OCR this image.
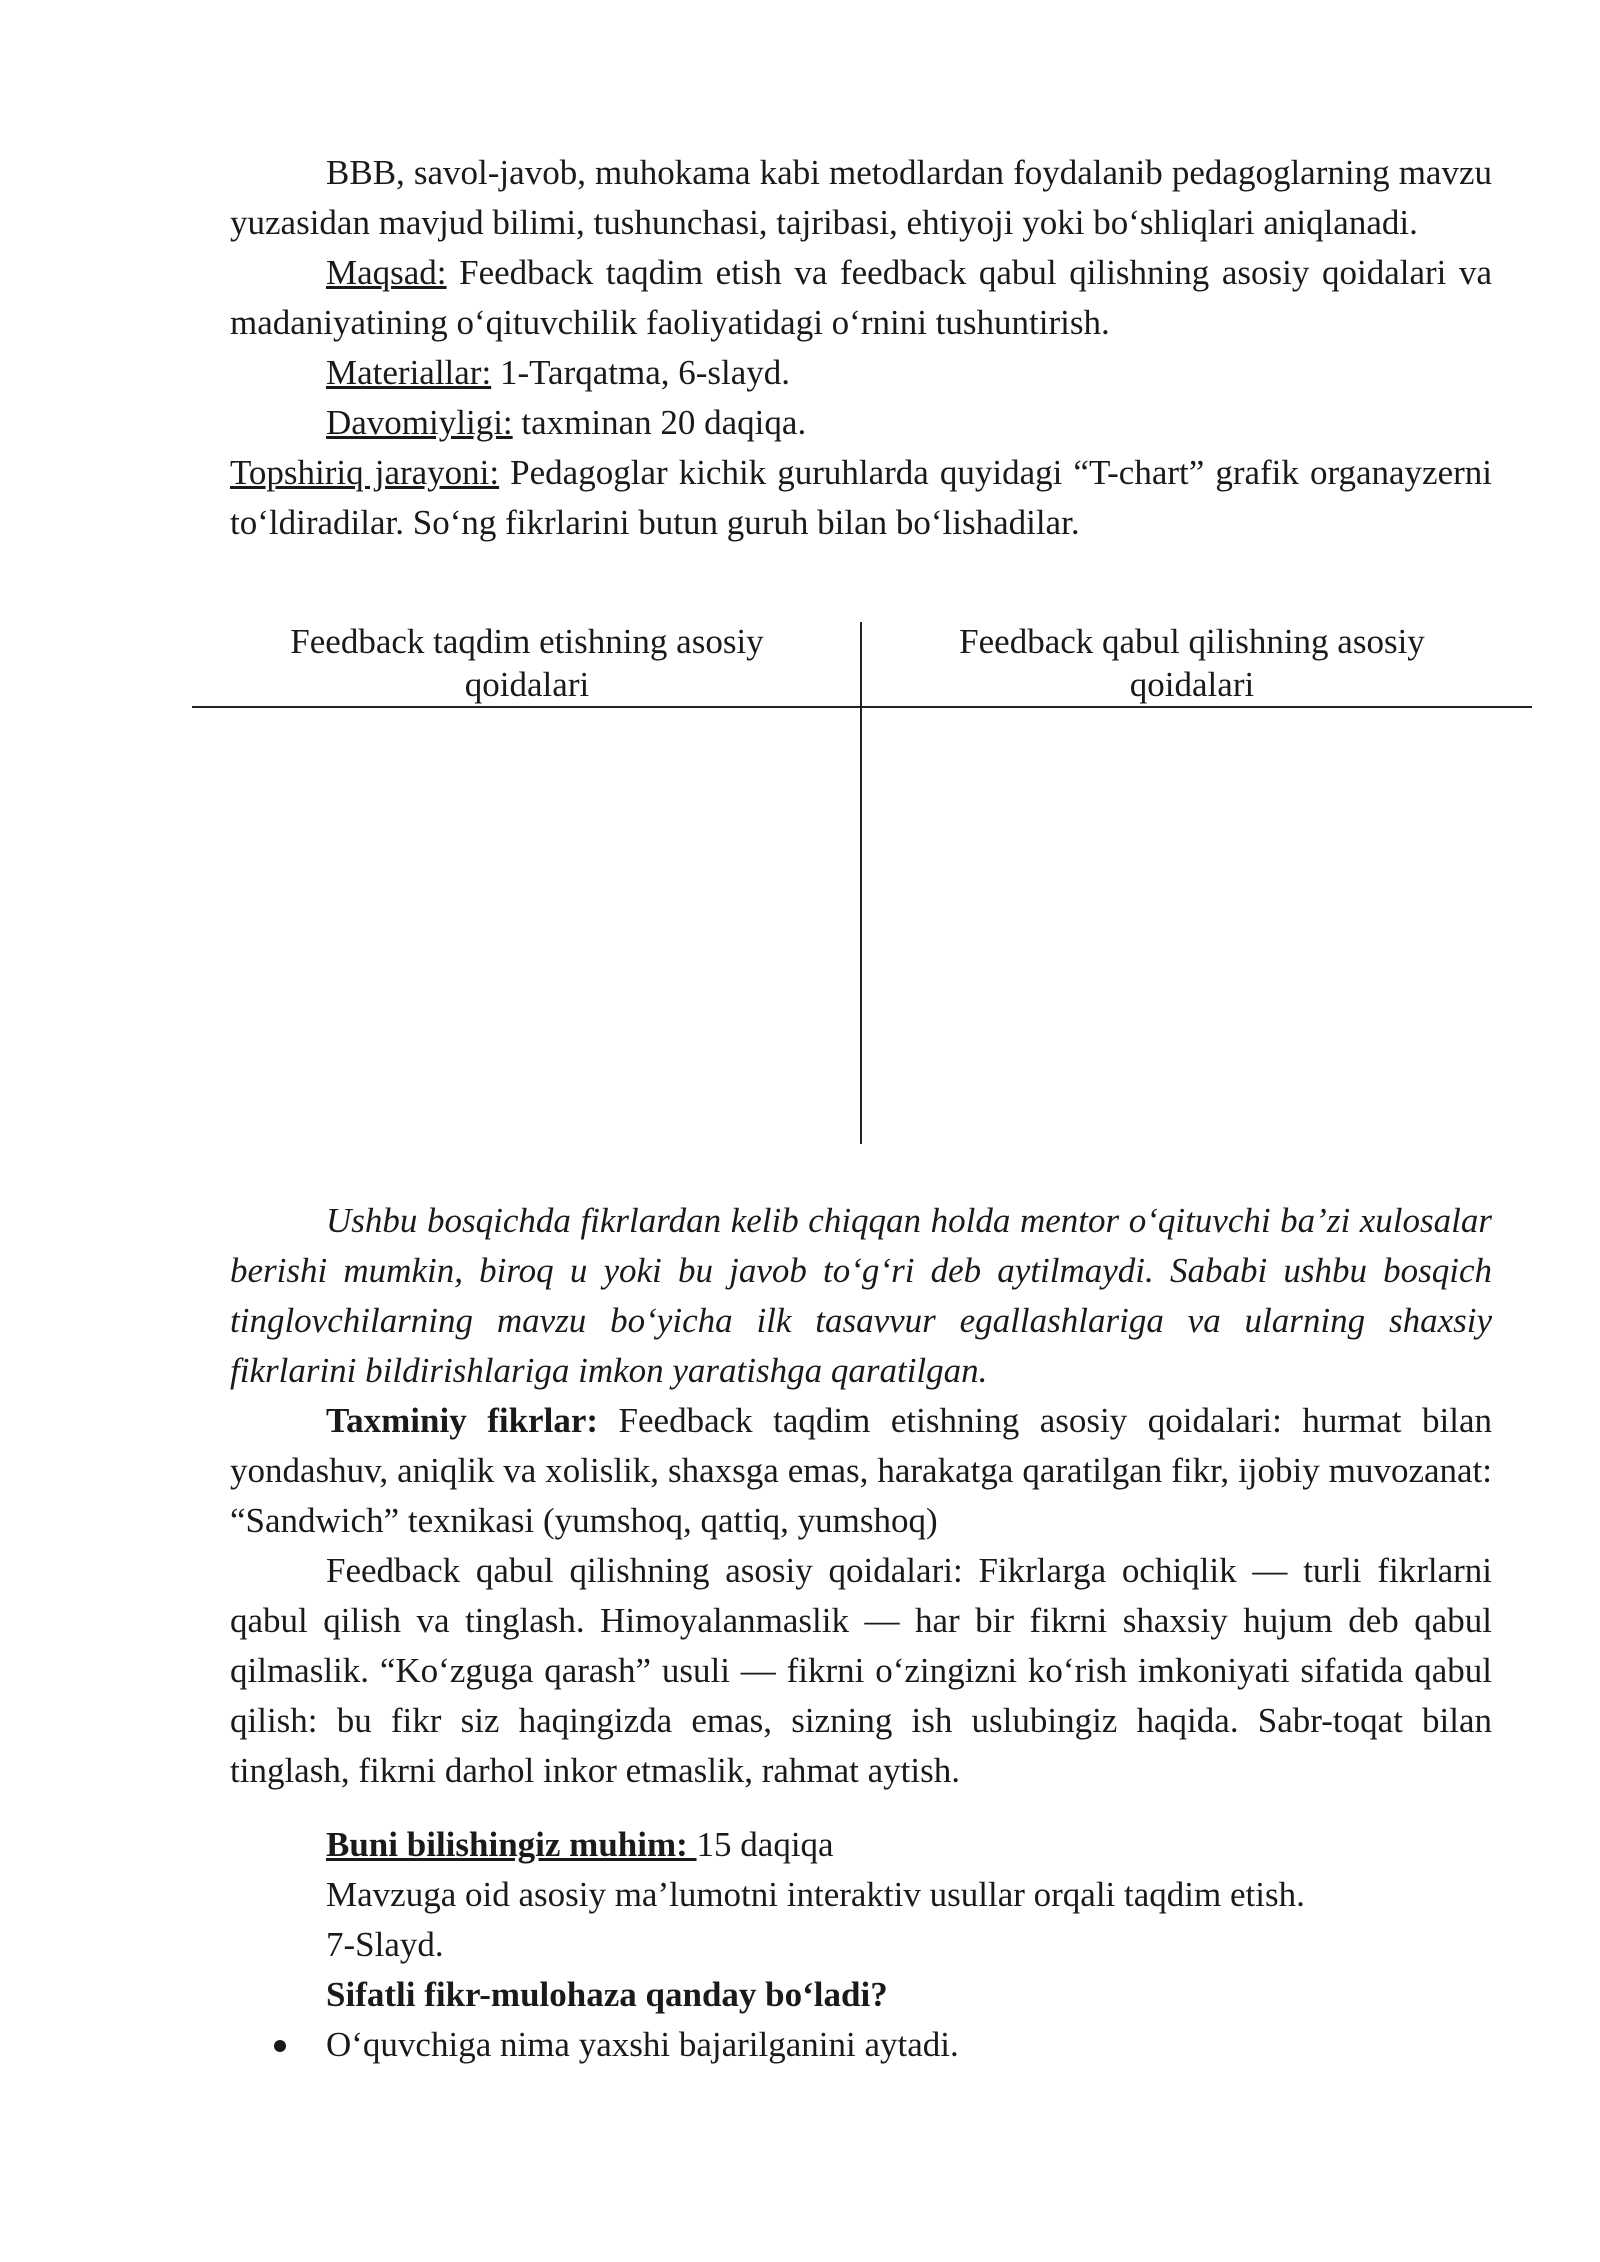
BBB, savol-javob, muhokama kabi metodlardan foydalanib pedagoglarning mavzu yuzasidan mavjud bilimi, tushunchasi, tajribasi, ehtiyoji yoki bo‘shliqlari aniqlanadi.

Maqsad: Feedback taqdim etish va feedback qabul qilishning asosiy qoidalari va madaniyatining o‘qituvchilik faoliyatidagi o‘rnini tushuntirish.

Materiallar: 1-Tarqatma, 6-slayd.

Davomiyligi: taxminan 20 daqiqa.

Topshiriq jarayoni: Pedagoglar kichik guruhlarda quyidagi “T-chart” grafik organayzerni to‘ldiradilar. So‘ng fikrlarini butun guruh bilan bo‘lishadilar.

Feedback taqdim etishning asosiy qoidalari
Feedback qabul qilishning asosiy qoidalari

Ushbu bosqichda fikrlardan kelib chiqqan holda mentor o‘qituvchi ba’zi xulosalar berishi mumkin, biroq u yoki bu javob to‘g‘ri deb aytilmaydi. Sababi ushbu bosqich tinglovchilarning mavzu bo‘yicha ilk tasavvur egallashlariga va ularning shaxsiy fikrlarini bildirishlariga imkon yaratishga qaratilgan.

Taxminiy fikrlar: Feedback taqdim etishning asosiy qoidalari: hurmat bilan yondashuv, aniqlik va xolislik, shaxsga emas, harakatga qaratilgan fikr, ijobiy muvozanat: “Sandwich” texnikasi (yumshoq, qattiq, yumshoq)

Feedback qabul qilishning asosiy qoidalari: Fikrlarga ochiqlik — turli fikrlarni qabul qilish va tinglash. Himoyalanmaslik — har bir fikrni shaxsiy hujum deb qabul qilmaslik. “Ko‘zguga qarash” usuli — fikrni o‘zingizni ko‘rish imkoniyati sifatida qabul qilish: bu fikr siz haqingizda emas, sizning ish uslubingiz haqida. Sabr-toqat bilan tinglash, fikrni darhol inkor etmaslik, rahmat aytish.

Buni bilishingiz muhim: 15 daqiqa
Mavzuga oid asosiy ma’lumotni interaktiv usullar orqali taqdim etish.
7-Slayd.
Sifatli fikr-mulohaza qanday bo‘ladi?
O‘quvchiga nima yaxshi bajarilganini aytadi.
